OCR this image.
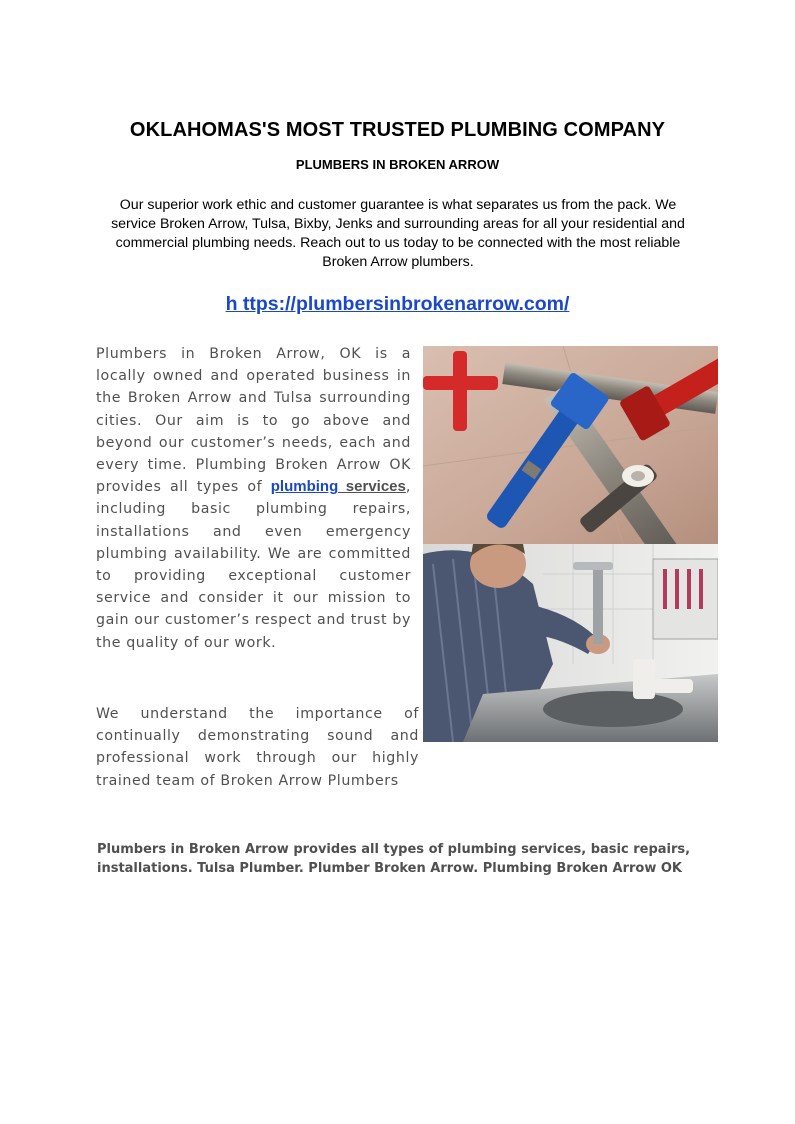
OKLAHOMAS'S MOST TRUSTED PLUMBING COMPANY
PLUMBERS IN BROKEN ARROW

Our superior work ethic and customer guarantee is what separates us from the pack. We service Broken Arrow, Tulsa, Bixby, Jenks and surrounding areas for all your residential and commercial plumbing needs. Reach out to us today to be connected with the most reliable Broken Arrow plumbers.

h ttps://plumbersinbrokenarrow.com/

Plumbers in Broken Arrow, OK is a locally owned and operated business in the Broken Arrow and Tulsa surrounding cities. Our aim is to go above and beyond our customer’s needs, each and every time. Plumbing Broken Arrow OK provides all types of plumbing services, including basic plumbing repairs, installations and even emergency plumbing availability. We are committed to providing exceptional customer service and consider it our mission to gain our customer’s respect and trust by the quality of our work.

We understand the importance of continually demonstrating sound and professional work through our highly trained team of Broken Arrow Plumbers

Plumbers in Broken Arrow provides all types of plumbing services, basic repairs, installations. Tulsa Plumber. Plumber Broken Arrow. Plumbing Broken Arrow OK
